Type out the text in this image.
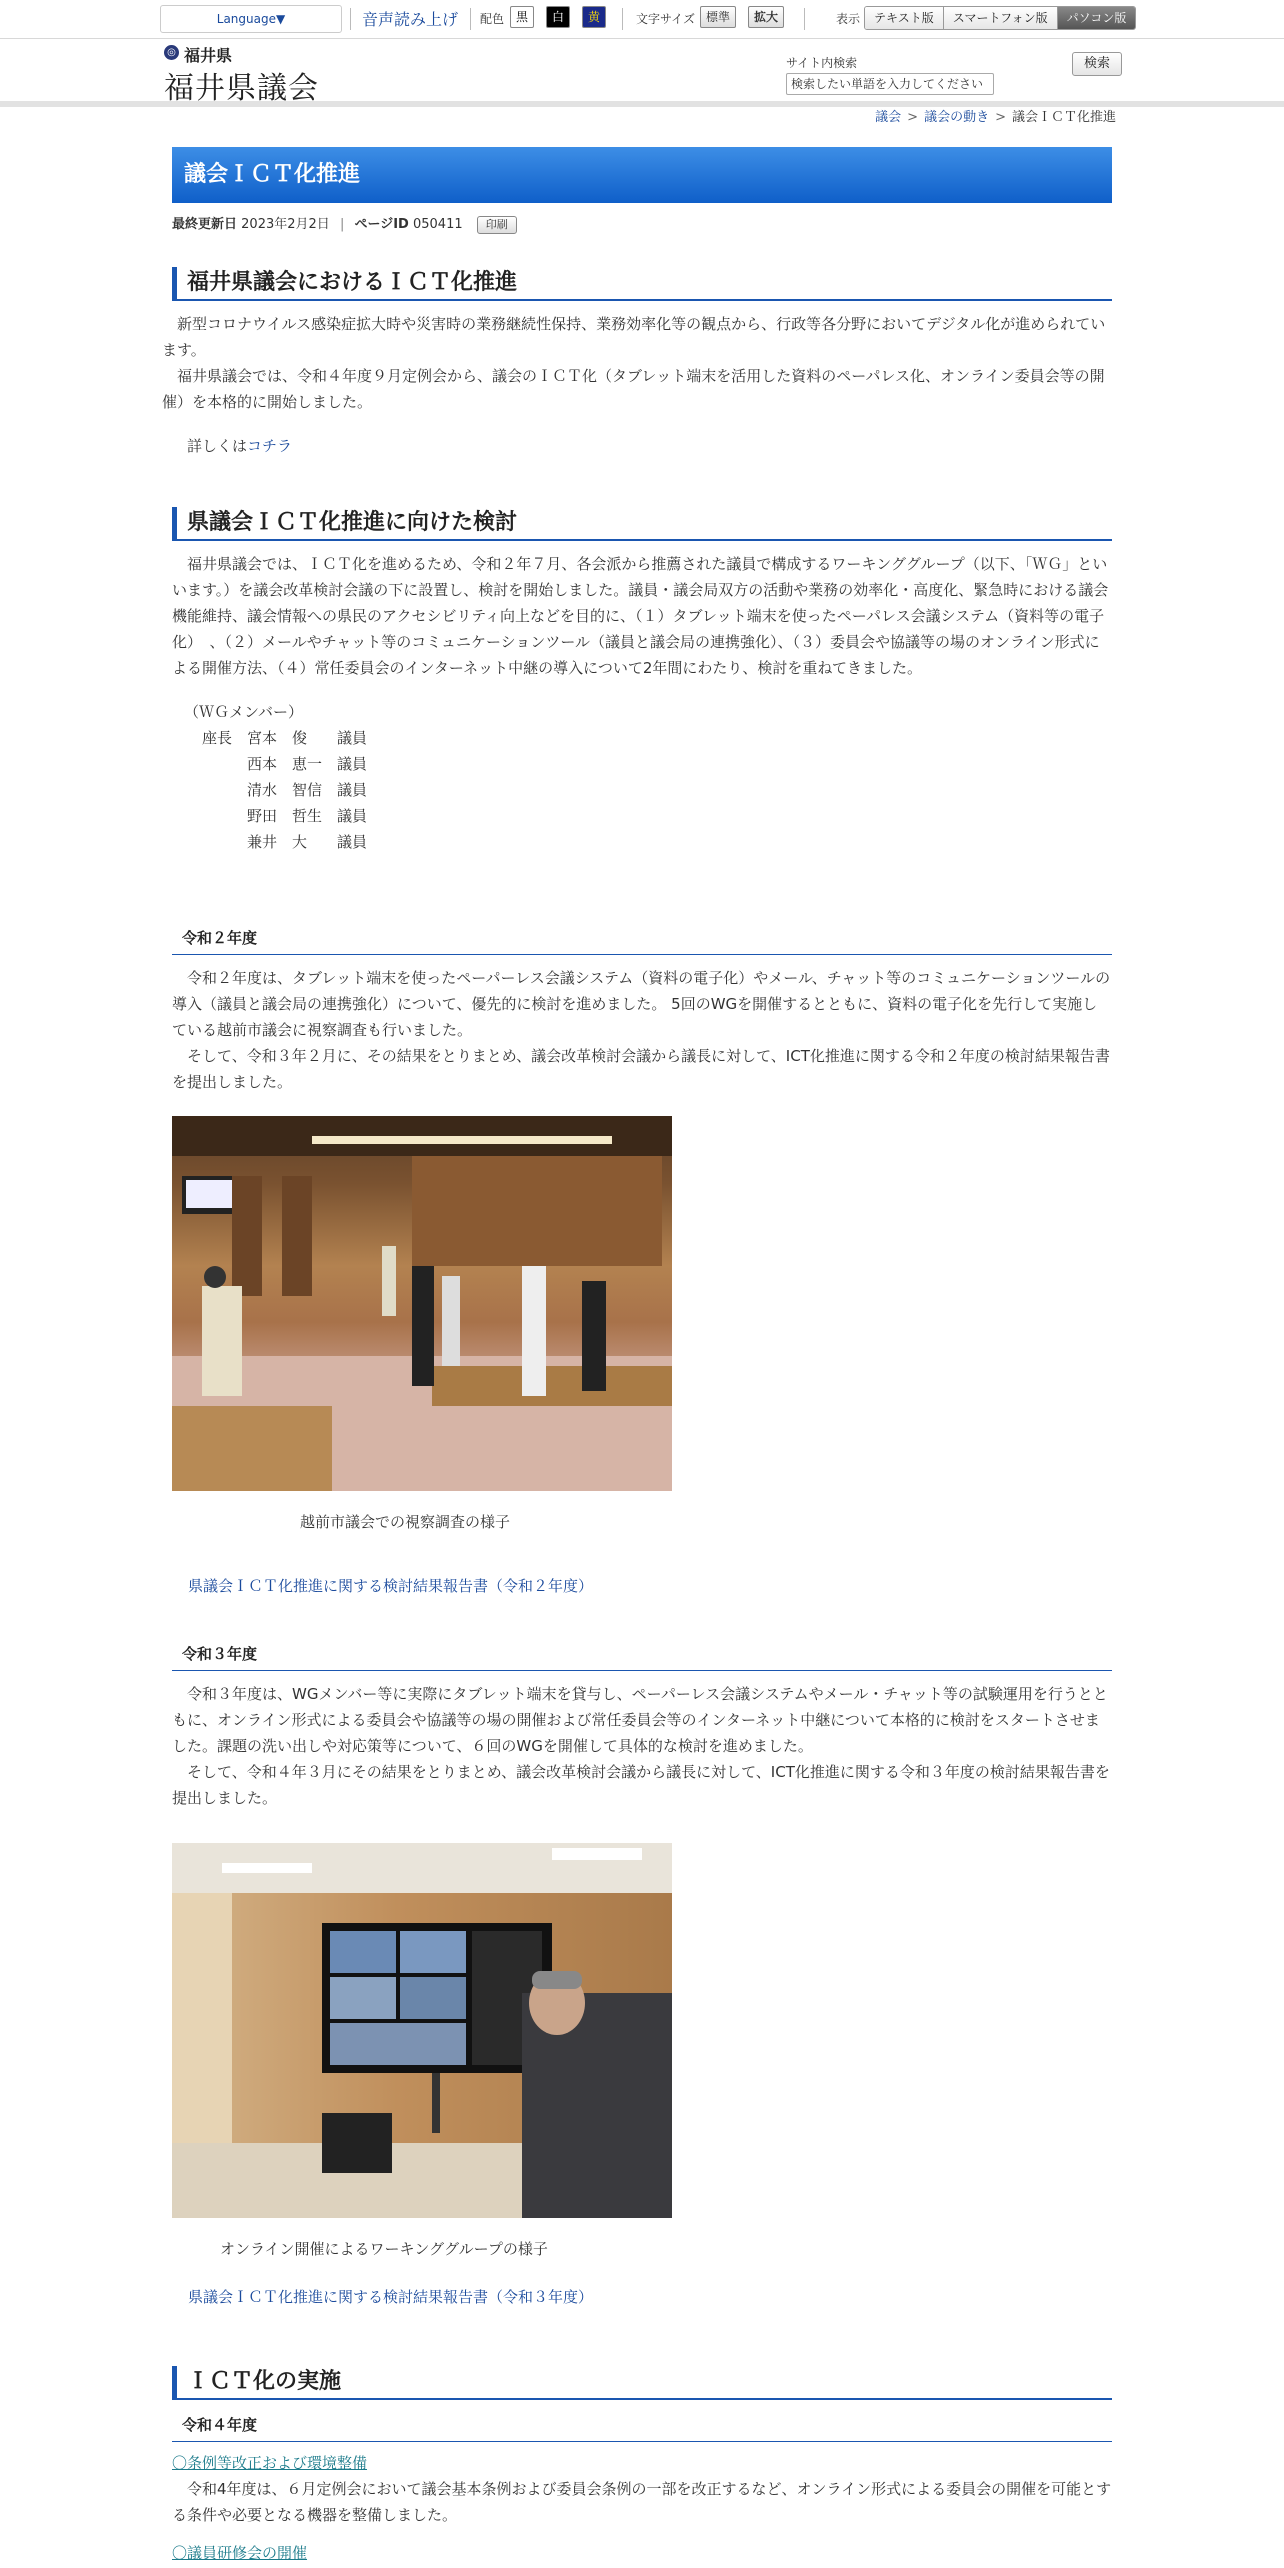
Language▼	音声読み上げ 配色 黒	白	黄	文字サイズ 標準	拡大	表示	テキスト版	スマートフォン版	パソコン版
◎ 福井県
福井県議会
サイト内検索
検索したい単語を入力してください
検索
議会 > 議会の動き > 議会ＩＣＴ化推進
議会ＩＣＴ化推進
最終更新日 2023年2月2日 | ページID 050411 印刷
福井県議会におけるＩＣＴ化推進

　新型コロナウイルス感染症拡大時や災害時の業務継続性保持、業務効率化等の観点から、行政等各分野においてデジタル化が進められています。

　福井県議会では、令和４年度９月定例会から、議会のＩＣＴ化（タブレット端末を活用した資料のペーパレス化、オンライン委員会等の開催）を本格的に開始しました。

　詳しくはコチラ

県議会ＩＣＴ化推進に向けた検討

　福井県議会では、ＩＣＴ化を進めるため、令和２年７月、各会派から推薦された議員で構成するワーキンググループ（以下、「ＷＧ」といいます。）を議会改革検討会議の下に設置し、検討を開始しました。議員・議会局双方の活動や業務の効率化・高度化、緊急時における議会機能維持、議会情報への県民のアクセシビリティ向上などを目的に、（１）タブレット端末を使ったペーパレス会議システム（資料等の電子化）　、（２）メールやチャット等のコミュニケーションツール（議員と議会局の連携強化）、（３）委員会や協議等の場のオンライン形式による開催方法、（４）常任委員会のインターネット中継の導入について2年間にわたり、検討を重ねてきました。

（ＷＧメンバー）

座長　宮本　俊　　議員

　　　西本　恵一　議員

　　　清水　智信　議員

　　　野田　哲生　議員

　　　兼井　大　　議員

令和２年度

　令和２年度は、タブレット端末を使ったペーパーレス会議システム（資料の電子化）やメール、チャット等のコミュニケーションツールの導入（議員と議会局の連携強化）について、優先的に検討を進めました。 5回のWGを開催するとともに、資料の電子化を先行して実施している越前市議会に視察調査も行いました。

　そして、令和３年２月に、その結果をとりまとめ、議会改革検討会議から議長に対して、ICT化推進に関する令和２年度の検討結果報告書を提出しました。

越前市議会での視察調査の様子

県議会ＩＣＴ化推進に関する検討結果報告書（令和２年度）

令和３年度

　令和３年度は、WGメンバー等に実際にタブレット端末を貸与し、ペーパーレス会議システムやメール・チャット等の試験運用を行うとともに、オンライン形式による委員会や協議等の場の開催および常任委員会等のインターネット中継について本格的に検討をスタートさせました。課題の洗い出しや対応策等について、６回のWGを開催して具体的な検討を進めました。

　そして、令和４年３月にその結果をとりまとめ、議会改革検討会議から議長に対して、ICT化推進に関する令和３年度の検討結果報告書を提出しました。

オンライン開催によるワーキンググループの様子

県議会ＩＣＴ化推進に関する検討結果報告書（令和３年度）

ＩＣＴ化の実施
令和４年度

〇条例等改正および環境整備

　令和4年度は、６月定例会において議会基本条例および委員会条例の一部を改正するなど、オンライン形式による委員会の開催を可能とする条件や必要となる機器を整備しました。

〇議員研修会の開催
